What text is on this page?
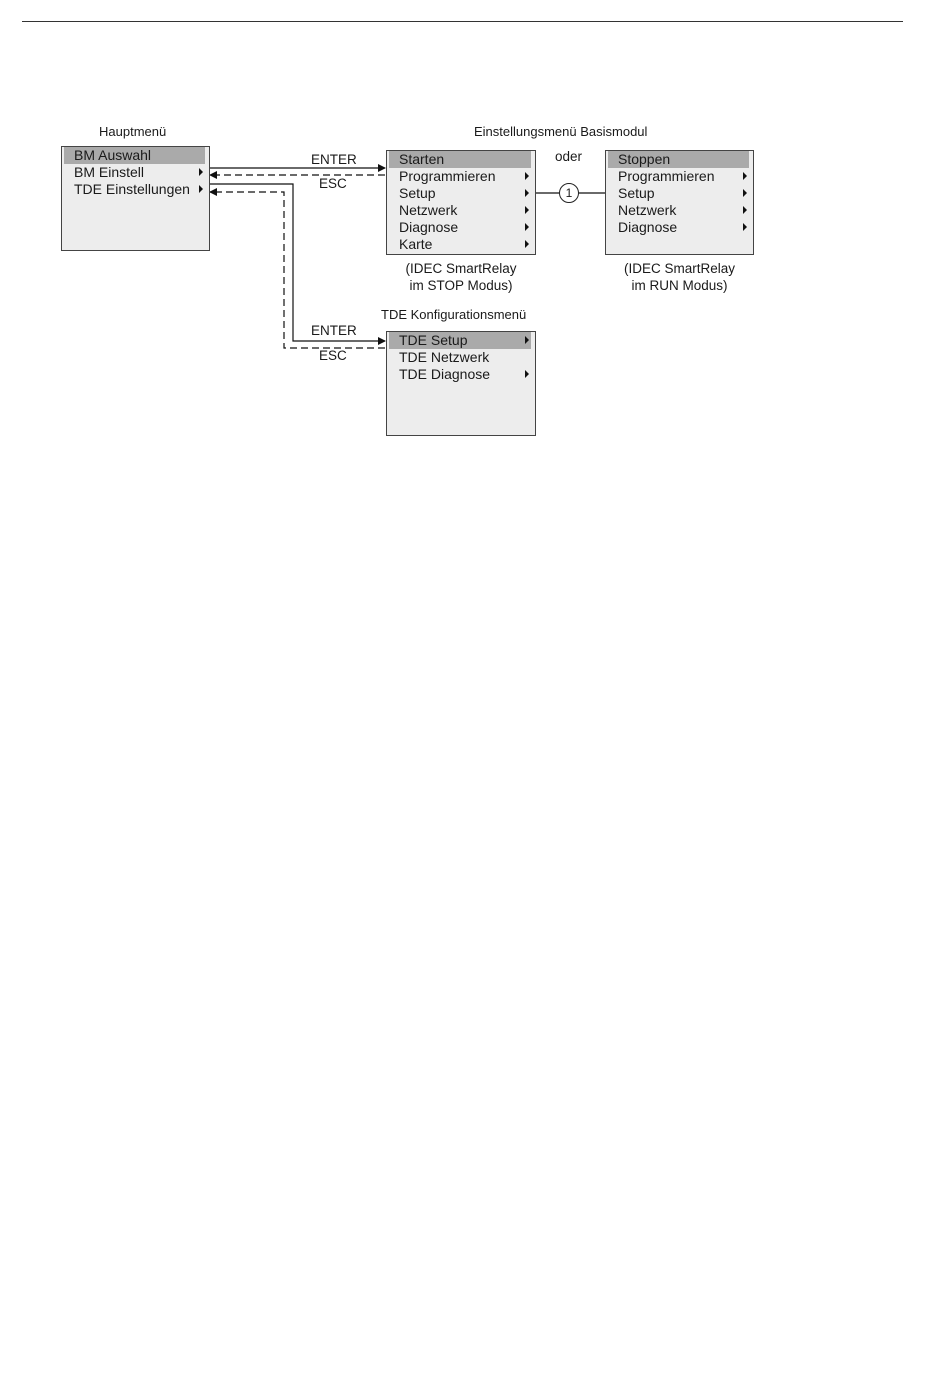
Hauptmenü
BM Auswahl
BM Einstell
TDE Einstellungen
ENTER
ESC
ENTER
ESC
Einstellungsmenü Basismodul
Starten
Programmieren
Setup
Netzwerk
Diagnose
Karte
(IDEC SmartRelay
im STOP Modus)
oder
1
Stoppen
Programmieren
Setup
Netzwerk
Diagnose
(IDEC SmartRelay
im RUN Modus)
TDE Konfigurationsmenü
TDE Setup
TDE Netzwerk
TDE Diagnose
